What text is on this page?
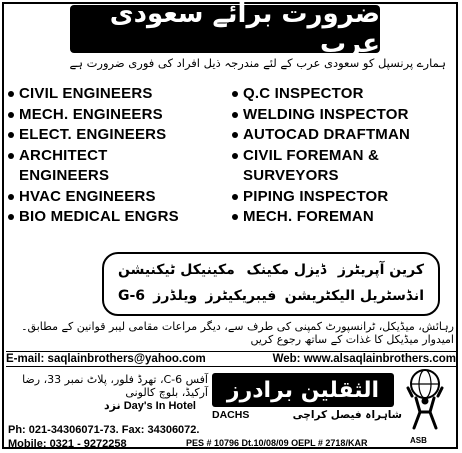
ضرورت برائے سعودی عرب
ہمارے پرنسپل کو سعودی عرب کے لئے مندرجہ ذیل افراد کی فوری ضرورت ہے
CIVIL ENGINEERS
MECH. ENGINEERS
ELECT. ENGINEERS
ARCHITECT
ENGINEERS
HVAC ENGINEERS
BIO MEDICAL ENGRS
Q.C INSPECTOR
WELDING INSPECTOR
AUTOCAD DRAFTMAN
CIVIL FOREMAN &
SURVEYORS
PIPING INSPECTOR
MECH. FOREMAN
کرین آپریٹرز
ڈیزل مکینک
مکینیکل ٹیکنیشن
انڈسٹریل الیکٹریشن
فیبریکیٹرز
ویلڈرز
G-6
رہائش، میڈیکل، ٹرانسپورٹ کمپنی کی طرف سے، دیگر مراعات مقامی لیبر قوانین کے مطابق۔ امیدوار میڈیکل کا غذات کے ساتھ رجوع کریں
E-mail: saqlainbrothers@yahoo.com	Web: www.alsaqlainbrothers.com
آفس C-6، تھرڈ فلور، پلاٹ نمبر 33، رضا آرکیڈ، بلوچ کالونی
نزد Day's In Hotel
الثقلین برادرز
DACHS	شاہراہ فیصل کراچی
ASB
Ph: 021-34306071-73. Fax: 34306072.
Mobile: 0321 - 9272258	PES # 10796 Dt.10/08/09 OEPL # 2718/KAR
